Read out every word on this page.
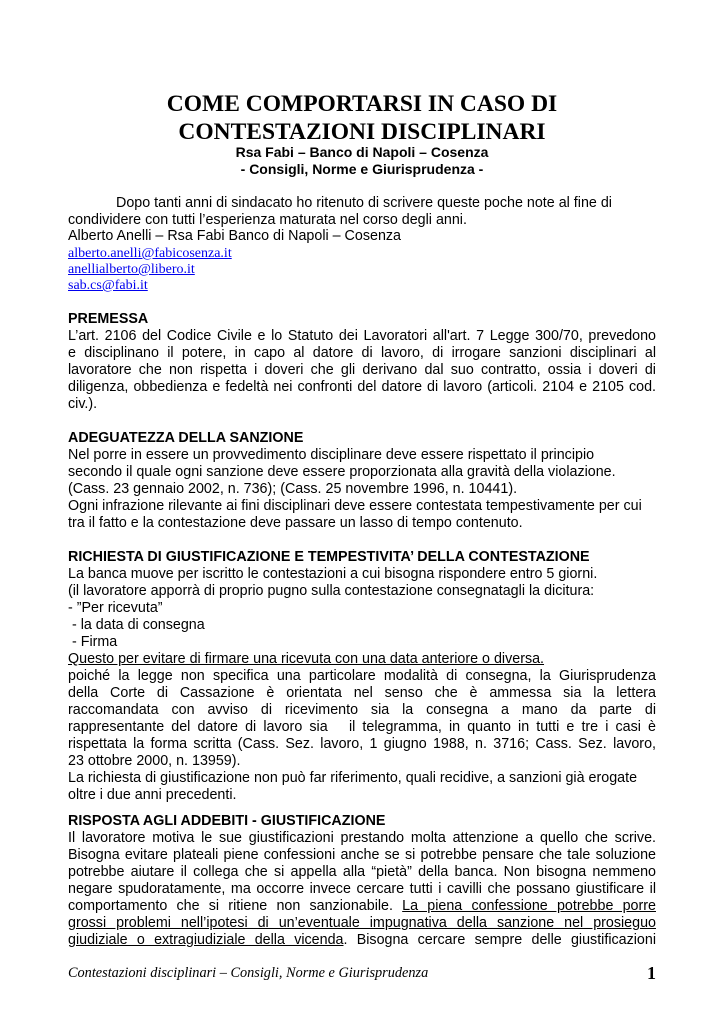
COME COMPORTARSI IN CASO DI
CONTESTAZIONI DISCIPLINARI
Rsa Fabi – Banco di Napoli – Cosenza
- Consigli, Norme e Giurisprudenza -
Dopo tanti anni di sindacato ho ritenuto di scrivere queste poche note al fine di
condividere con tutti l’esperienza maturata nel corso degli anni.
Alberto Anelli – Rsa Fabi Banco di Napoli – Cosenza
alberto.anelli@fabicosenza.it
anellialberto@libero.it
sab.cs@fabi.it
PREMESSA
L’art. 2106 del Codice Civile e lo Statuto dei Lavoratori all'art. 7 Legge 300/70, prevedono
e disciplinano il potere, in capo al datore di lavoro, di irrogare sanzioni disciplinari al
lavoratore che non rispetta i doveri che gli derivano dal suo contratto, ossia i doveri di
diligenza, obbedienza e fedeltà nei confronti del datore di lavoro (articoli. 2104 e 2105 cod.
civ.).
ADEGUATEZZA DELLA SANZIONE
Nel porre in essere un provvedimento disciplinare deve essere rispettato il principio
secondo il quale ogni sanzione deve essere proporzionata alla gravità della violazione.
(Cass. 23 gennaio 2002, n. 736); (Cass. 25 novembre 1996, n. 10441).
Ogni infrazione rilevante ai fini disciplinari deve essere contestata tempestivamente per cui
tra il fatto e la contestazione deve passare un lasso di tempo contenuto.
RICHIESTA DI GIUSTIFICAZIONE E TEMPESTIVITA’ DELLA CONTESTAZIONE
La banca muove per iscritto le contestazioni a cui bisogna rispondere entro 5 giorni.
(il lavoratore apporrà di proprio pugno sulla contestazione consegnatagli la dicitura:
- ”Per ricevuta”
- la data di consegna
- Firma
Questo per evitare di firmare una ricevuta con una data anteriore o diversa.
poiché la legge non specifica una particolare modalità di consegna, la Giurisprudenza
della Corte di Cassazione è orientata nel senso che è ammessa sia la lettera
raccomandata con avviso di ricevimento sia la consegna a mano da parte di
rappresentante del datore di lavoro sia   il telegramma, in quanto in tutti e tre i casi è
rispettata la forma scritta (Cass. Sez. lavoro, 1 giugno 1988, n. 3716; Cass. Sez. lavoro,
23 ottobre 2000, n. 13959).
La richiesta di giustificazione non può far riferimento, quali recidive, a sanzioni già erogate
oltre i due anni precedenti.
RISPOSTA AGLI ADDEBITI - GIUSTIFICAZIONE
Il lavoratore motiva le sue giustificazioni prestando molta attenzione a quello che scrive.
Bisogna evitare plateali piene confessioni anche se si potrebbe pensare che tale soluzione
potrebbe aiutare il collega che si appella alla “pietà” della banca. Non bisogna nemmeno
negare spudoratamente, ma occorre invece cercare tutti i cavilli che possano giustificare il
comportamento che si ritiene non sanzionabile. La piena confessione potrebbe porre
grossi problemi nell’ipotesi di un’eventuale impugnativa della sanzione nel prosieguo
giudiziale o extragiudiziale della vicenda. Bisogna cercare sempre delle giustificazioni
Contestazioni disciplinari – Consigli, Norme e Giurisprudenza	1
